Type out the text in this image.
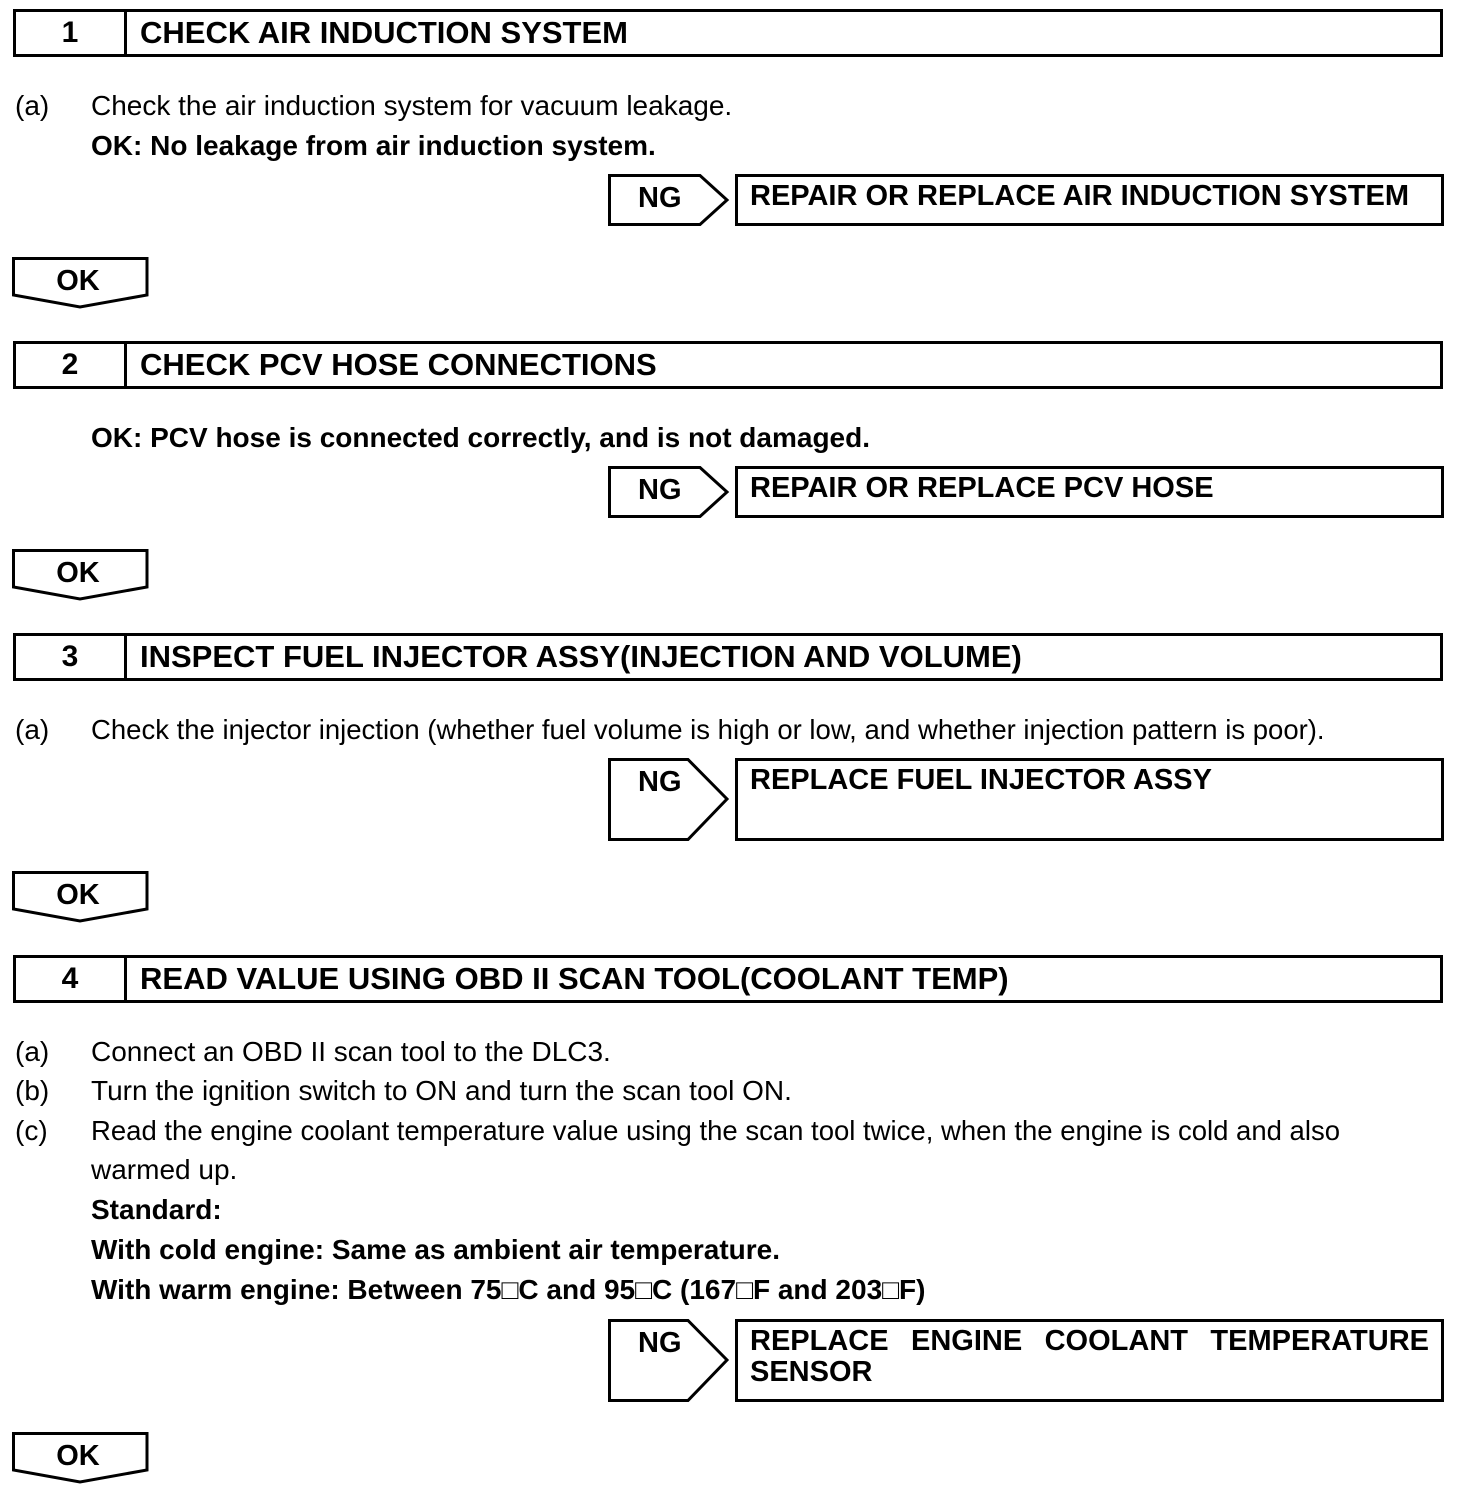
1	CHECK AIR INDUCTION SYSTEM
(a) Check the air induction system for vacuum leakage.
OK: No leakage from air induction system.
NG	REPAIR OR REPLACE AIR INDUCTION SYSTEM
OK
2	CHECK PCV HOSE CONNECTIONS
OK: PCV hose is connected correctly, and is not damaged.
NG	REPAIR OR REPLACE PCV HOSE
OK
3	INSPECT FUEL INJECTOR ASSY(INJECTION AND VOLUME)
(a) Check the injector injection (whether fuel volume is high or low, and whether injection pattern is poor).
NG	REPLACE FUEL INJECTOR ASSY
OK
4	READ VALUE USING OBD II SCAN TOOL(COOLANT TEMP)
(a) Connect an OBD II scan tool to the DLC3.
(b) Turn the ignition switch to ON and turn the scan tool ON.
(c) Read the engine coolant temperature value using the scan tool twice, when the engine is cold and also
warmed up.
Standard:
With cold engine: Same as ambient air temperature.
With warm engine: Between 75□C and 95□C (167□F and 203□F)
NG	REPLACE ENGINE COOLANT TEMPERATURE SENSOR
OK
